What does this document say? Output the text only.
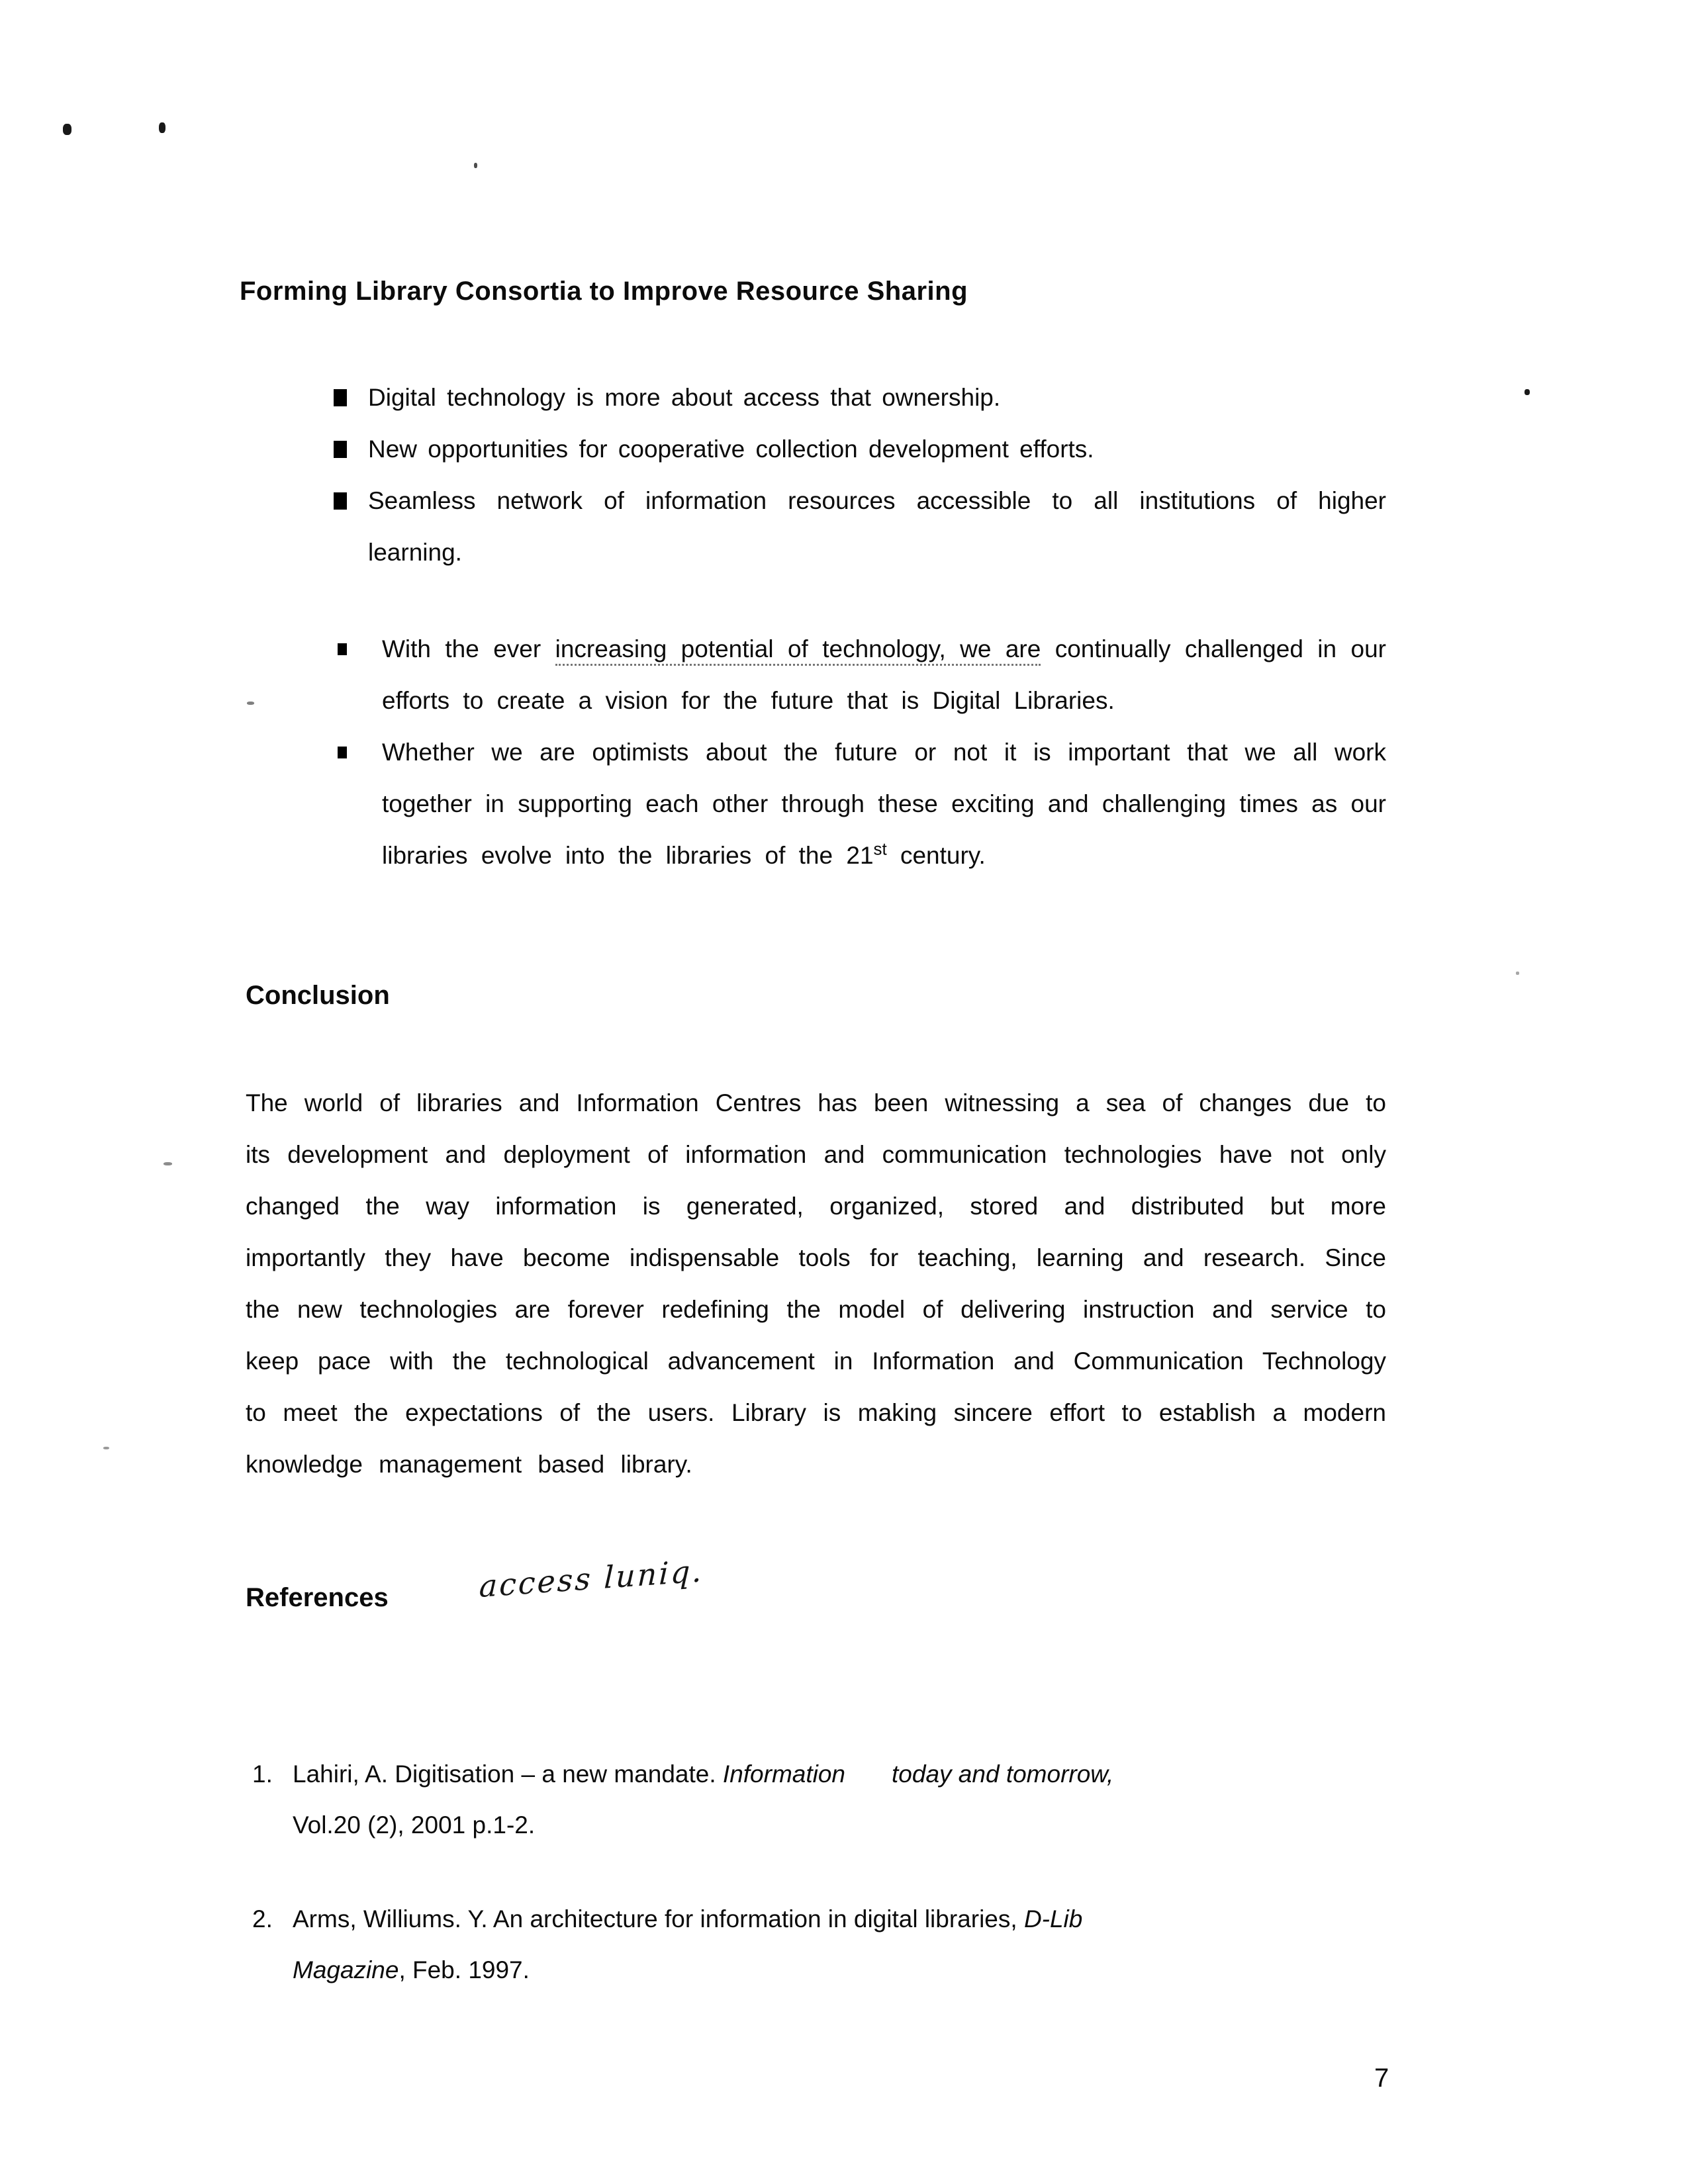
Forming Library Consortia to Improve Resource Sharing
Digital technology is more about access that ownership.
New opportunities for cooperative collection development efforts.
Seamless network of information resources accessible to all institutions of higher learning.
With the ever increasing potential of technology, we are continually challenged in our efforts to create a vision for the future that is Digital Libraries.
Whether we are optimists about the future or not it is important that we all work together in supporting each other through these exciting and challenging times as our libraries evolve into the libraries of the 21st century.
Conclusion

The world of libraries and Information Centres has been witnessing a sea of changes due to its development and deployment of information and communication technologies have not only changed the way information is generated, organized, stored and distributed but more importantly they have become indispensable tools for teaching, learning and research. Since the new technologies are forever redefining the model of delivering instruction and service to keep pace with the technological advancement in Information and Communication Technology to meet the expectations of the users. Library is making sincere effort to establish a modern knowledge management based library.

References	access luniq.
1. Lahiri, A. Digitisation – a new mandate. Information today and tomorrow,
Vol.20 (2), 2001 p.1-2.
2. Arms, Williums. Y. An architecture for information in digital libraries, D-Lib
Magazine, Feb. 1997.
7
